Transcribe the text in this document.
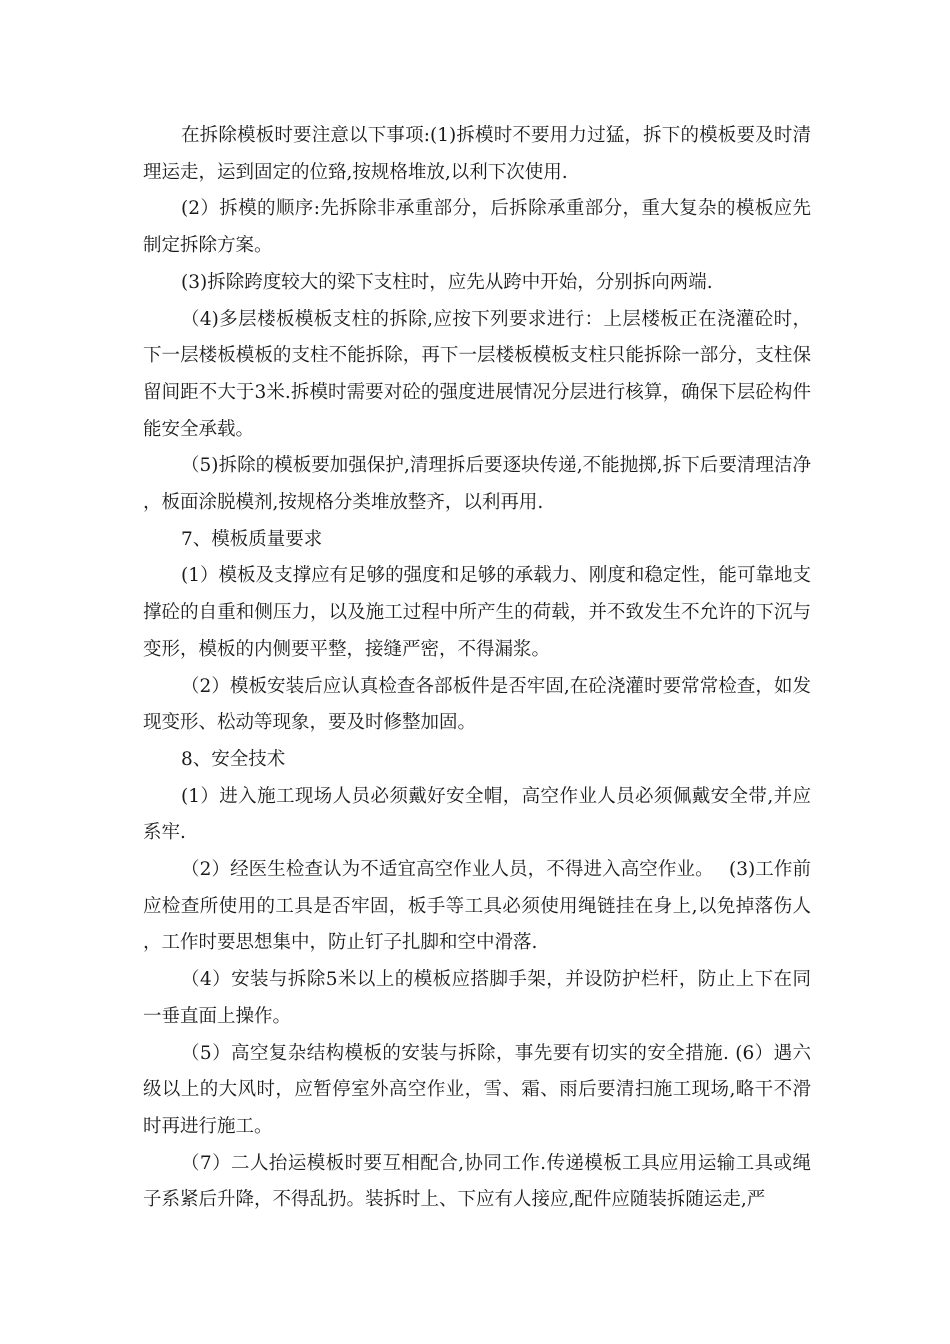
在拆除模板时要注意以下事项:(1)拆模时不要用力过猛，拆下的模板要及时清理运走，运到固定的位臵,按规格堆放,以利下次使用.

(2）拆模的顺序:先拆除非承重部分，后拆除承重部分，重大复杂的模板应先制定拆除方案。

(3)拆除跨度较大的梁下支柱时，应先从跨中开始，分别拆向两端.

（4)多层楼板模板支柱的拆除,应按下列要求进行：上层楼板正在浇灌砼时，下一层楼板模板的支柱不能拆除，再下一层楼板模板支柱只能拆除一部分，支柱保留间距不大于3米.拆模时需要对砼的强度进展情况分层进行核算，确保下层砼构件能安全承载。

（5)拆除的模板要加强保护,清理拆后要逐块传递,不能抛掷,拆下后要清理洁净，板面涂脱模剂,按规格分类堆放整齐，以利再用.

7、模板质量要求

(1）模板及支撑应有足够的强度和足够的承载力、刚度和稳定性，能可靠地支撑砼的自重和侧压力，以及施工过程中所产生的荷载，并不致发生不允许的下沉与变形，模板的内侧要平整，接缝严密，不得漏浆。

（2）模板安装后应认真检查各部板件是否牢固,在砼浇灌时要常常检查，如发现变形、松动等现象，要及时修整加固。

8、安全技术

(1）进入施工现场人员必须戴好安全帽，高空作业人员必须佩戴安全带,并应系牢.

（2）经医生检查认为不适宜高空作业人员，不得进入高空作业。　 (3)工作前应检查所使用的工具是否牢固，板手等工具必须使用绳链挂在身上,以免掉落伤人，工作时要思想集中，防止钉子扎脚和空中滑落.

（4）安装与拆除5米以上的模板应搭脚手架，并设防护栏杆，防止上下在同一垂直面上操作。

（5）高空复杂结构模板的安装与拆除，事先要有切实的安全措施. (6）遇六级以上的大风时，应暂停室外高空作业，雪、霜、雨后要清扫施工现场,略干不滑时再进行施工。

（7）二人抬运模板时要互相配合,协同工作.传递模板工具应用运输工具或绳子系紧后升降，不得乱扔。装拆时上、下应有人接应,配件应随装拆随运走,严
